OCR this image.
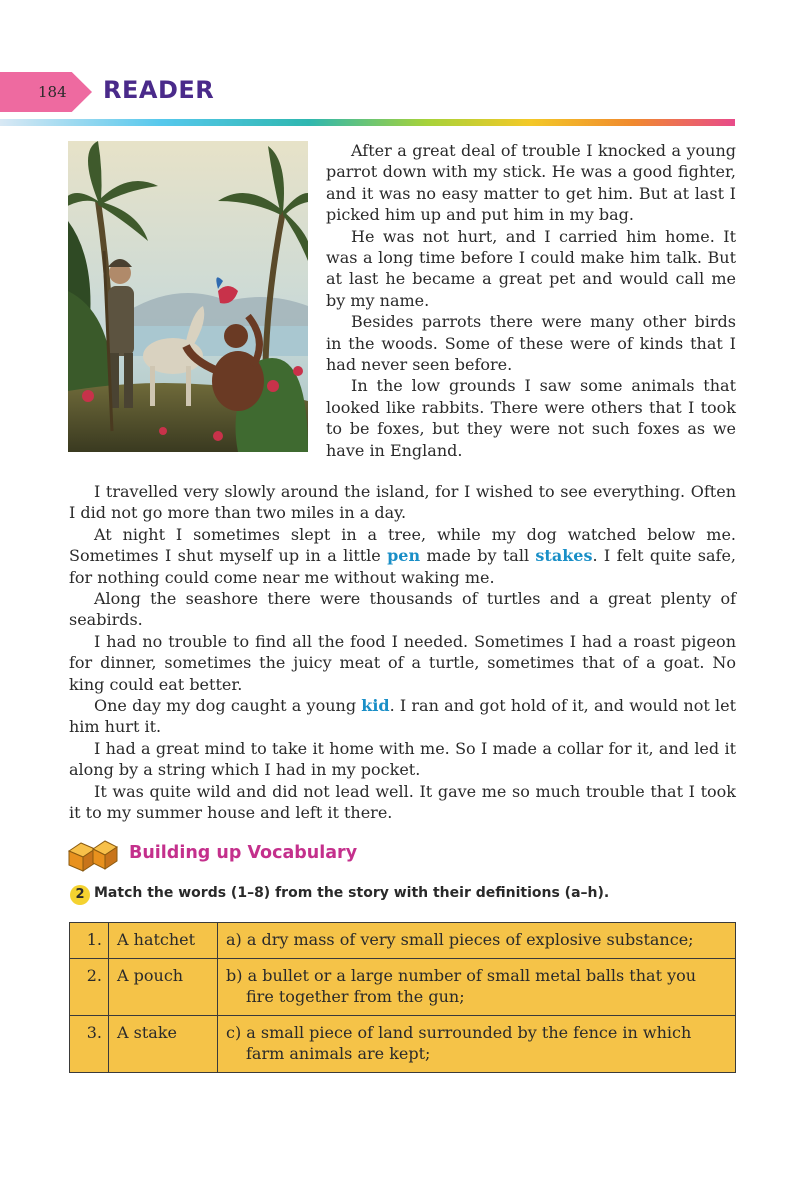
184 READER

After a great deal of trouble I knocked a young parrot down with my stick. He was a good fighter, and it was no easy matter to get him. But at last I picked him up and put him in my bag.

He was not hurt, and I carried him home. It was a long time before I could make him talk. But at last he became a great pet and would call me by my name.

Besides parrots there were many other birds in the woods. Some of these were of kinds that I had never seen before.

In the low grounds I saw some animals that looked like rabbits. There were others that I took to be foxes, but they were not such foxes as we have in England.

I travelled very slowly around the island, for I wished to see everything. Often I did not go more than two miles in a day.

At night I sometimes slept in a tree, while my dog watched below me. Sometimes I shut myself up in a little pen made by tall stakes. I felt quite safe, for nothing could come near me without waking me.

Along the seashore there were thousands of turtles and a great plenty of seabirds.

I had no trouble to find all the food I needed. Sometimes I had a roast pigeon for dinner, sometimes the juicy meat of a turtle, sometimes that of a goat. No king could eat better.

One day my dog caught a young kid. I ran and got hold of it, and would not let him hurt it.

I had a great mind to take it home with me. So I made a collar for it, and led it along by a string which I had in my pocket.

It was quite wild and did not lead well. It gave me so much trouble that I took it to my summer house and left it there.

Building up Vocabulary
2 Match the words (1–8) from the story with their definitions (a–h).
1.	A hatchet	a) a dry mass of very small pieces of explosive substance;

2.	A pouch	b) a bullet or a large number of small metal balls that you
fire together from the gun;

3.	A stake	c) a small piece of land surrounded by the fence in which
farm animals are kept;
